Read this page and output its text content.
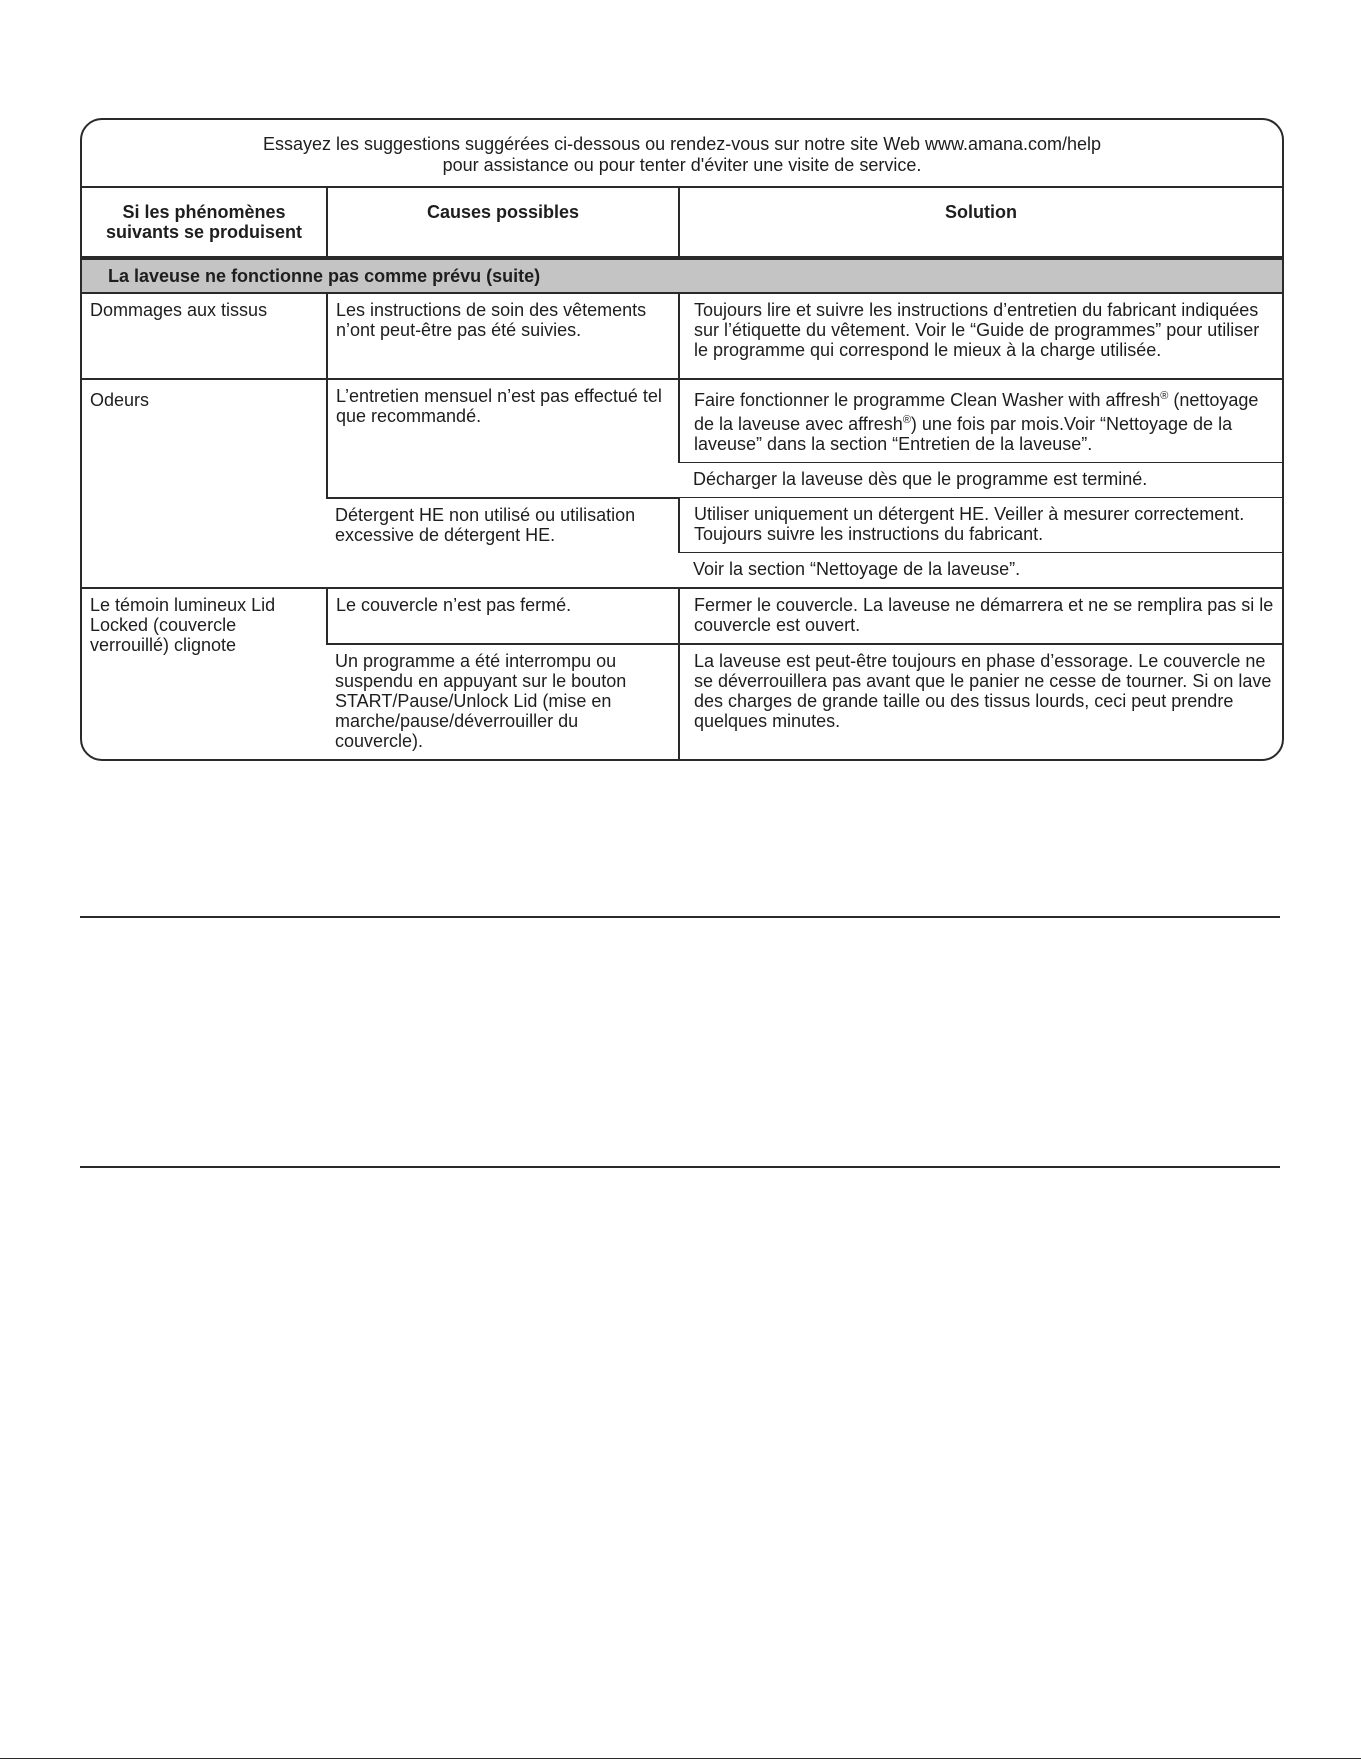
Essayez les suggestions suggérées ci-dessous ou rendez-vous sur notre site Web www.amana.com/help
pour assistance ou pour tenter d'éviter une visite de service.
Si les phénomènes
suivants se produisent	Causes possibles	Solution
La laveuse ne fonctionne pas comme prévu (suite)		
Dommages aux tissus	Les instructions de soin des vêtements n’ont peut-être pas été suivies.	Toujours lire et suivre les instructions d’entretien du fabricant indiquées sur l’étiquette du vêtement. Voir le “Guide de programmes” pour utiliser le programme qui correspond le mieux à la charge utilisée.
Odeurs	L’entretien mensuel n’est pas effectué tel que recommandé.	Faire fonctionner le programme Clean Washer with affresh® (nettoyage de la laveuse avec affresh®) une fois par mois.Voir “Nettoyage de la laveuse” dans la section “Entretien de la laveuse”.
		Décharger la laveuse dès que le programme est terminé.
	Détergent HE non utilisé ou utilisation excessive de détergent HE.	Utiliser uniquement un détergent HE. Veiller à mesurer correctement. Toujours suivre les instructions du fabricant.
		Voir la section “Nettoyage de la laveuse”.
Le témoin lumineux Lid Locked (couvercle verrouillé) clignote	Le couvercle n’est pas fermé.	Fermer le couvercle. La laveuse ne démarrera et ne se remplira pas si le couvercle est ouvert.
	Un programme a été interrompu ou suspendu en appuyant sur le bouton START/Pause/Unlock Lid (mise en marche/pause/déverrouiller du couvercle).	La laveuse est peut-être toujours en phase d’essorage. Le couvercle ne se déverrouillera pas avant que le panier ne cesse de tourner. Si on lave des charges de grande taille ou des tissus lourds, ceci peut prendre quelques minutes.
